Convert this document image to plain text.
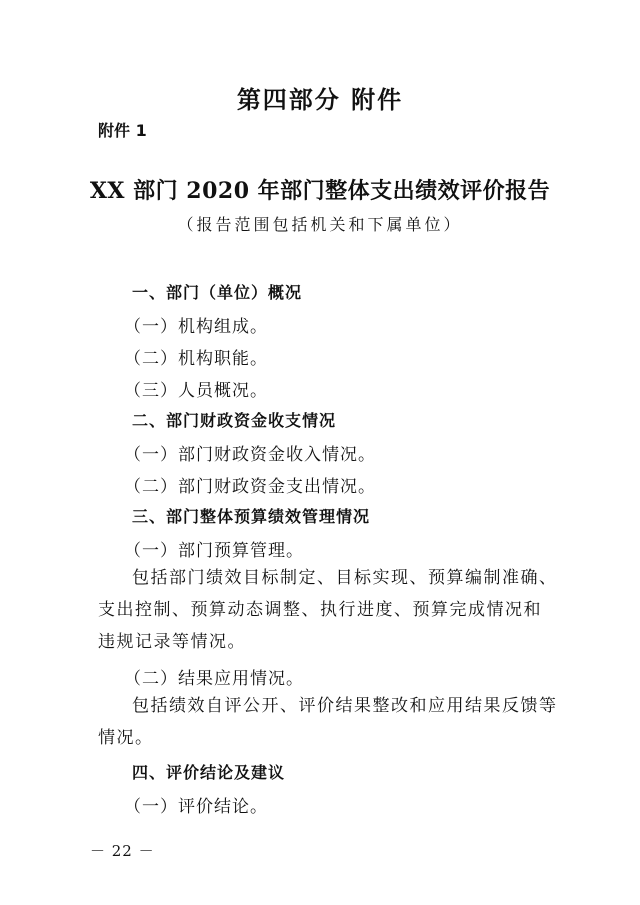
第四部分 附件
附件 1
XX 部门 2020 年部门整体支出绩效评价报告
（报告范围包括机关和下属单位）
一、部门（单位）概况
（一）机构组成。
（二）机构职能。
（三）人员概况。
二、部门财政资金收支情况
（一）部门财政资金收入情况。
（二）部门财政资金支出情况。
三、部门整体预算绩效管理情况
（一）部门预算管理。
包括部门绩效目标制定、目标实现、预算编制准确、支出控制、预算动态调整、执行进度、预算完成情况和违规记录等情况。
（二）结果应用情况。
包括绩效自评公开、评价结果整改和应用结果反馈等情况。
四、评价结论及建议
（一）评价结论。
－ 22 －
